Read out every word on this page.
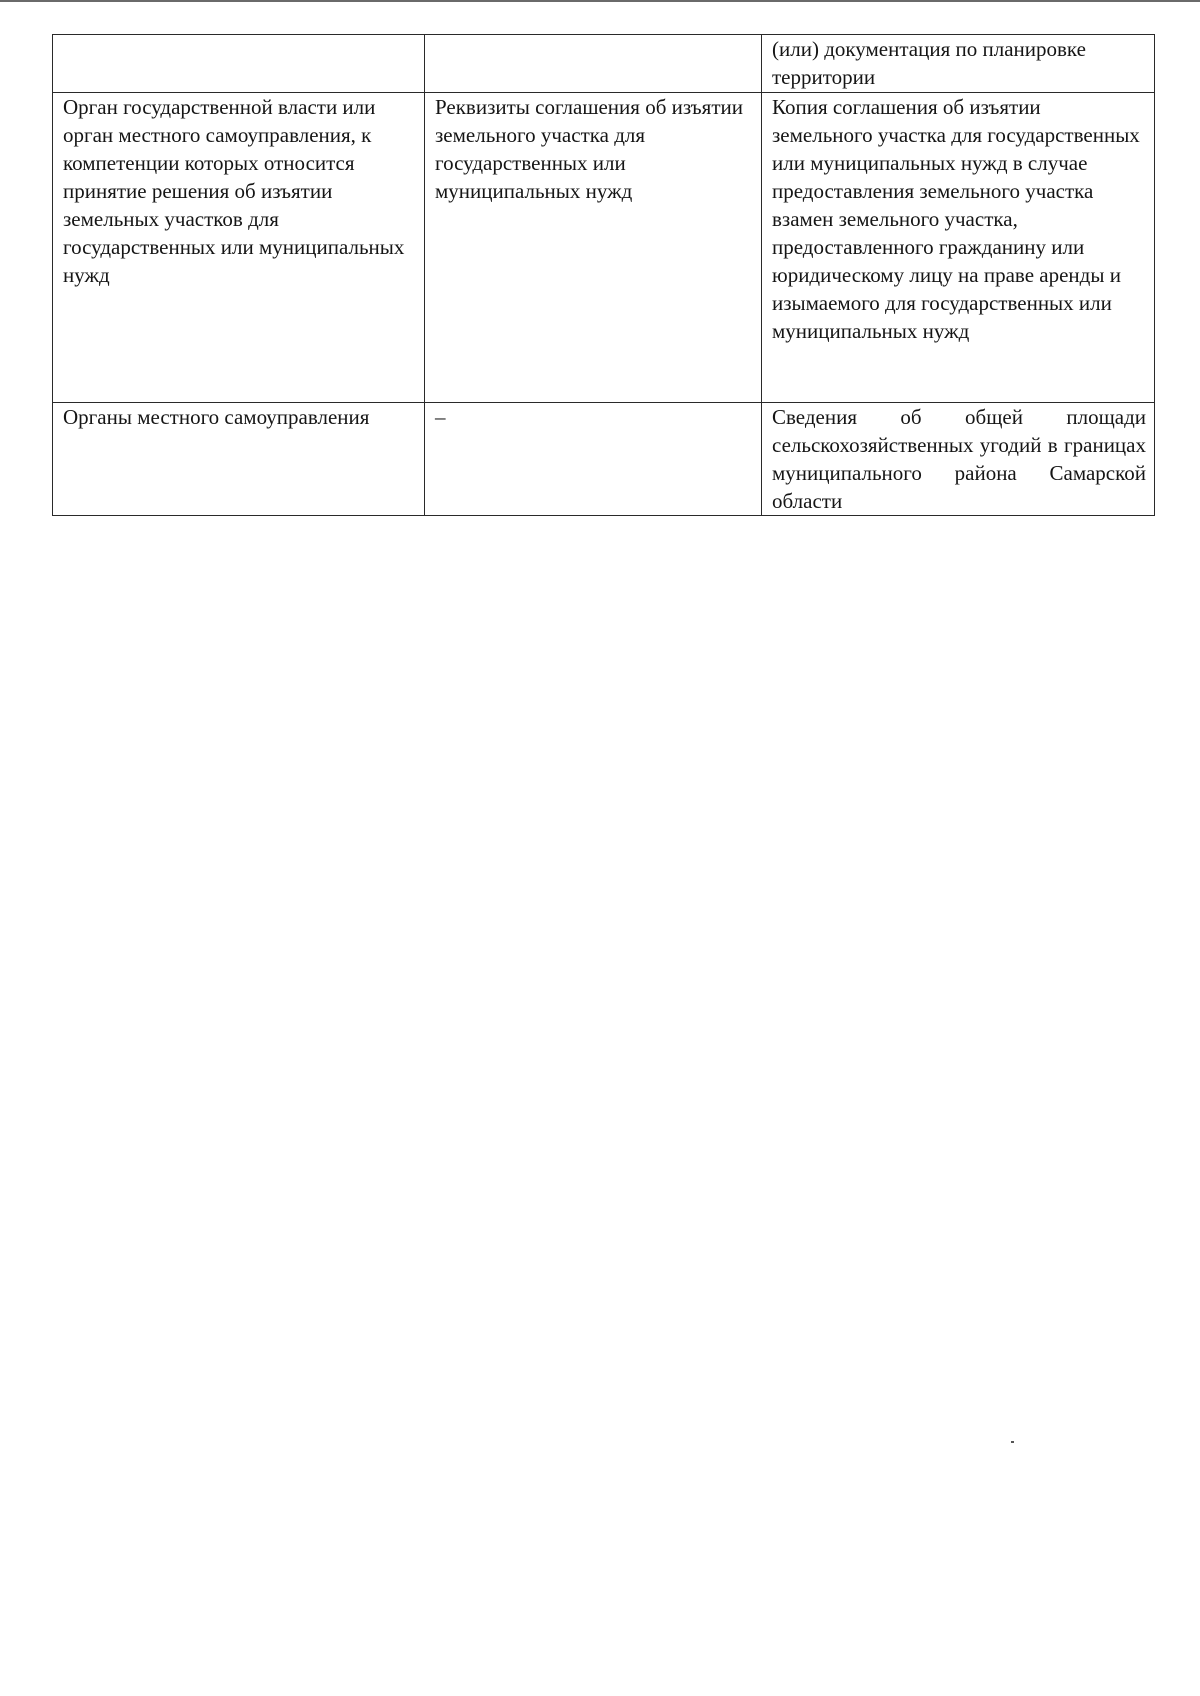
		(или) документация по планировке территории
Орган государственной власти или орган местного самоуправления, к компетенции которых относится принятие решения об изъятии земельных участков для государственных или муниципальных нужд	Реквизиты соглашения об изъятии земельного участка для государственных или муниципальных нужд	Копия соглашения об изъятии земельного участка для государственных или муниципальных нужд в случае предоставления земельного участка взамен земельного участка, предоставленного гражданину или юридическому лицу на праве аренды и изымаемого для государственных или муниципальных нужд
Органы местного самоуправления	–	Сведения об общей площади сельскохозяйственных угодий в границах муниципального района Самарской области
